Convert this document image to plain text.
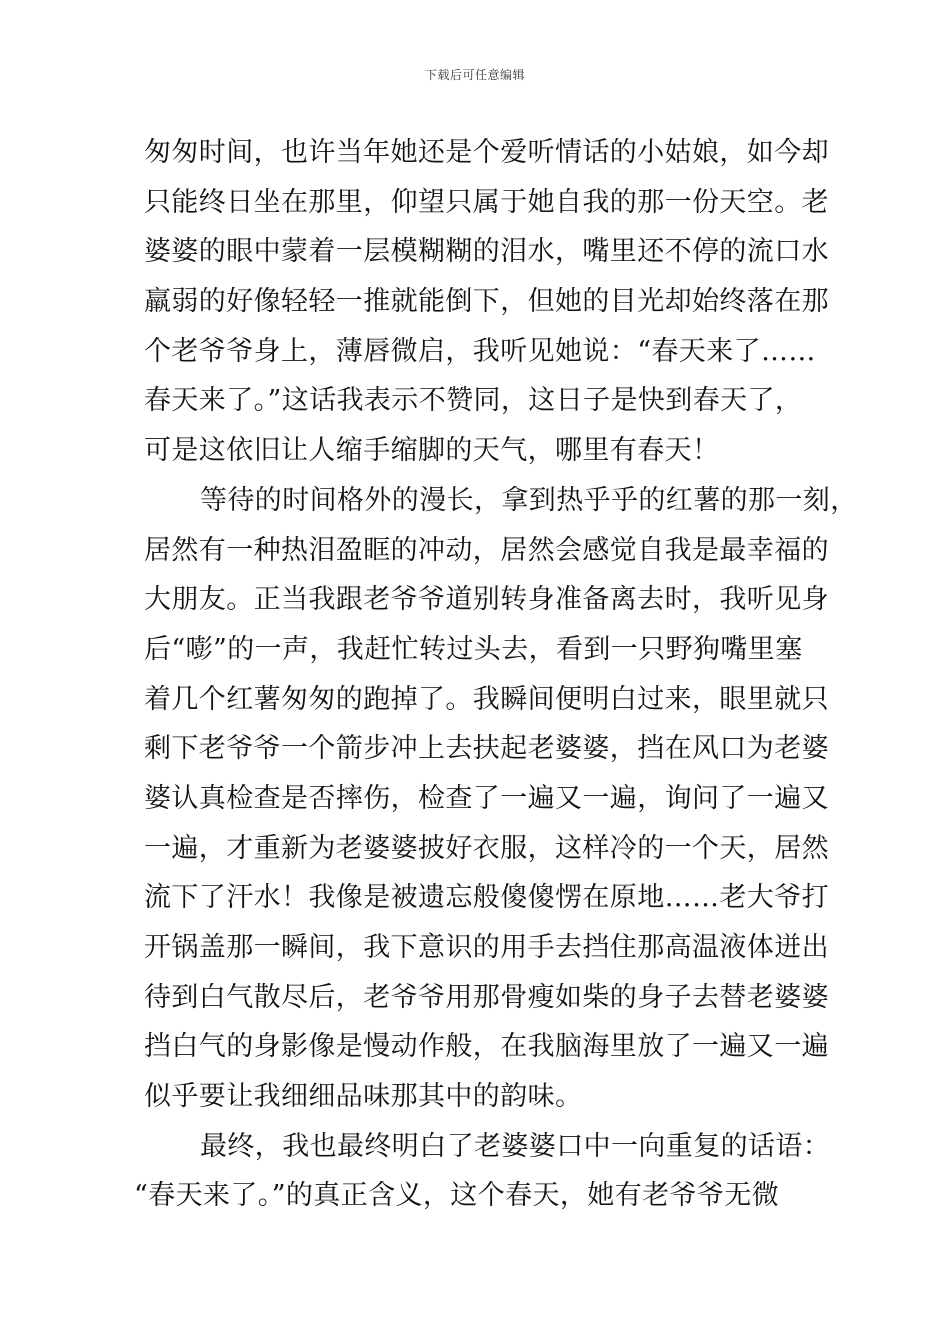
下载后可任意编辑
匆匆时间，也许当年她还是个爱听情话的小姑娘，如今却
只能终日坐在那里，仰望只属于她自我的那一份天空。老
婆婆的眼中蒙着一层模糊糊的泪水，嘴里还不停的流口水
羸弱的好像轻轻一推就能倒下，但她的目光却始终落在那
个老爷爷身上，薄唇微启，我听见她说：“春天来了……
春天来了。”这话我表示不赞同，这日子是快到春天了，
可是这依旧让人缩手缩脚的天气，哪里有春天！
等待的时间格外的漫长，拿到热乎乎的红薯的那一刻，
居然有一种热泪盈眶的冲动，居然会感觉自我是最幸福的
大朋友。正当我跟老爷爷道别转身准备离去时，我听见身
后“嘭”的一声，我赶忙转过头去，看到一只野狗嘴里塞
着几个红薯匆匆的跑掉了。我瞬间便明白过来，眼里就只
剩下老爷爷一个箭步冲上去扶起老婆婆，挡在风口为老婆
婆认真检查是否摔伤，检查了一遍又一遍，询问了一遍又
一遍，才重新为老婆婆披好衣服，这样冷的一个天，居然
流下了汗水！我像是被遗忘般傻傻愣在原地……老大爷打
开锅盖那一瞬间，我下意识的用手去挡住那高温液体迸出
待到白气散尽后，老爷爷用那骨瘦如柴的身子去替老婆婆
挡白气的身影像是慢动作般，在我脑海里放了一遍又一遍
似乎要让我细细品味那其中的韵味。
最终，我也最终明白了老婆婆口中一向重复的话语：
“春天来了。”的真正含义，这个春天，她有老爷爷无微
